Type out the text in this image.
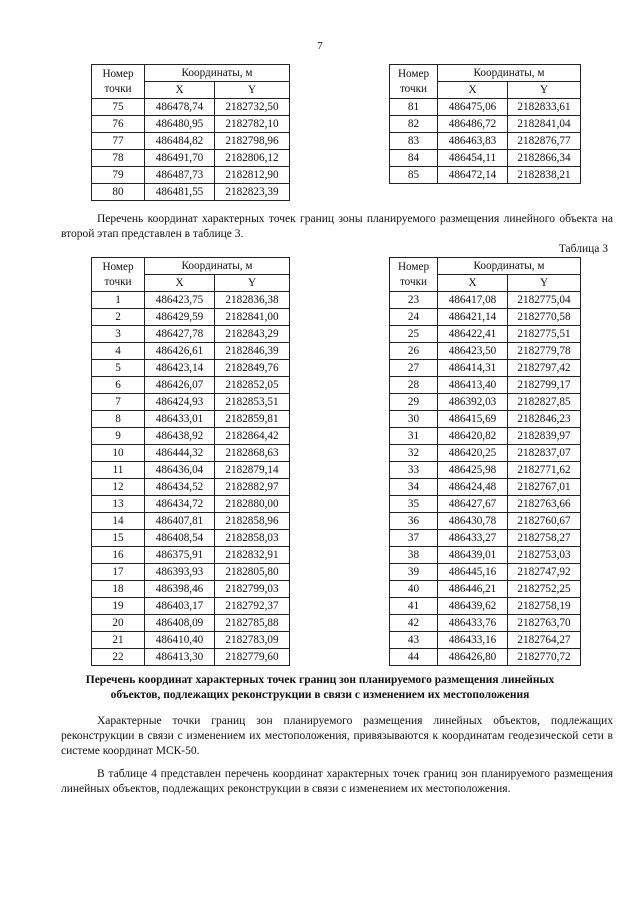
7
Номер
точки	Координаты, м	
	X	Y
75	486478,74	2182732,50
76	486480,95	2182782,10
77	486484,82	2182798,96
78	486491,70	2182806,12
79	486487,73	2182812,90
80	486481,55	2182823,39
Номер
точки	Координаты, м	
	X	Y
81	486475,06	2182833,61
82	486486,72	2182841,04
83	486463,83	2182876,77
84	486454,11	2182866,34
85	486472,14	2182838,21
Перечень координат характерных точек границ зоны планируемого размещения линейного объекта на второй этап представлен в таблице 3.
Таблица 3
Номер
точки	Координаты, м	
	X	Y
1	486423,75	2182836,38
2	486429,59	2182841,00
3	486427,78	2182843,29
4	486426,61	2182846,39
5	486423,14	2182849,76
6	486426,07	2182852,05
7	486424,93	2182853,51
8	486433,01	2182859,81
9	486438,92	2182864,42
10	486444,32	2182868,63
11	486436,04	2182879,14
12	486434,52	2182882,97
13	486434,72	2182880,00
14	486407,81	2182858,96
15	486408,54	2182858,03
16	486375,91	2182832,91
17	486393,93	2182805,80
18	486398,46	2182799,03
19	486403,17	2182792,37
20	486408,09	2182785,88
21	486410,40	2182783,09
22	486413,30	2182779,60
Номер
точки	Координаты, м	
	X	Y
23	486417,08	2182775,04
24	486421,14	2182770,58
25	486422,41	2182775,51
26	486423,50	2182779,78
27	486414,31	2182797,42
28	486413,40	2182799,17
29	486392,03	2182827,85
30	486415,69	2182846,23
31	486420,82	2182839,97
32	486420,25	2182837,07
33	486425,98	2182771,62
34	486424,48	2182767,01
35	486427,67	2182763,66
36	486430,78	2182760,67
37	486433,27	2182758,27
38	486439,01	2182753,03
39	486445,16	2182747,92
40	486446,21	2182752,25
41	486439,62	2182758,19
42	486433,76	2182763,70
43	486433,16	2182764,27
44	486426,80	2182770,72
Перечень координат характерных точек границ зон планируемого размещения линейных
объектов, подлежащих реконструкции в связи с изменением их местоположения
Характерные точки границ зон планируемого размещения линейных объектов, подлежащих реконструкции в связи с изменением их местоположения, привязываются к координатам геодезической сети в системе координат МСК-50.
В таблице 4 представлен перечень координат характерных точек границ зон планируемого размещения линейных объектов, подлежащих реконструкции в связи с изменением их местоположения.
